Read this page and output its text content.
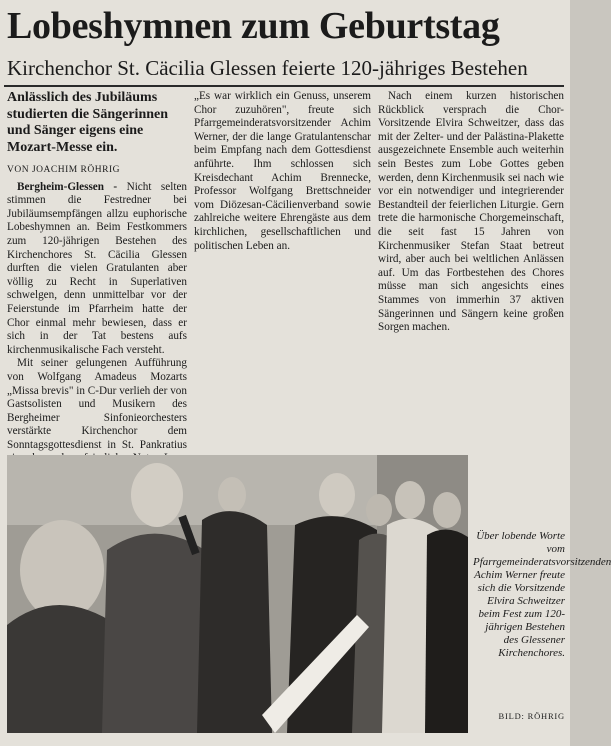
Lobeshymnen zum Geburtstag
Kirchenchor St. Cäcilia Glessen feierte 120-jähriges Bestehen

Anlässlich des Jubiläums studierten die Sängerinnen und Sänger eigens eine Mozart-Messe ein.

VON JOACHIM RÖHRIG

Bergheim-Glessen - Nicht selten stimmen die Festredner bei Jubiläumsempfängen allzu euphorische Lobeshymnen an. Beim Festkommers zum 120-jährigen Bestehen des Kirchenchores St. Cäcilia Glessen durften die vielen Gratulanten aber völlig zu Recht in Superlativen schwelgen, denn unmittelbar vor der Feierstunde im Pfarrheim hatte der Chor einmal mehr bewiesen, dass er sich in der Tat bestens aufs kirchenmusikalische Fach versteht.

Mit seiner gelungenen Aufführung von Wolfgang Amadeus Mozarts „Missa brevis" in C-Dur verlieh der von Gastsolisten und Musikern des Bergheimer Sinfonieorchesters verstärkte Kirchenchor dem Sonntagsgottesdienst in St. Pankratius

„Es war wirklich ein Genuss, unserem Chor zuzuhören", freute sich Pfarrgemeinderatsvorsitzender Achim Werner, der die lange Gratulantenschar beim Empfang nach dem Gottesdienst anführte. Ihm schlossen sich Kreisdechant Achim Brennecke, Professor Wolfgang Brettschneider vom Diözesan-Cäcilienverband sowie zahlreiche weitere Ehrengäste aus dem kirchlichen, gesellschaftlichen und politischen Leben an.

Nach einem kurzen historischen Rückblick versprach die Chor-Vorsitzende Elvira Schweitzer, dass das mit der Zelter- und der Palästina-Plakette ausgezeichnete Ensemble auch weiterhin sein Bestes zum Lobe Gottes geben werden, denn Kirchenmusik sei nach wie vor ein notwendiger und integrierender Bestandteil der feierlichen Liturgie. Gern trete die harmonische Chorgemeinschaft, die seit fast 15 Jahren von Kirchenmusiker Stefan Staat betreut wird, aber auch bei weltlichen Anlässen auf. Um das Fortbestehen des Chores müsse man sich angesichts eines Stammes von immerhin 37 aktiven Sängerinnen und Sängern keine großen Sorgen machen.

Über lobende Worte vom Pfarrgemeinderatsvorsitzenden Achim Werner freute sich die Vorsitzende Elvira Schweitzer beim Fest zum 120-jährigen Bestehen des Glessener Kirchenchores.
BILD: RÖHRIG
